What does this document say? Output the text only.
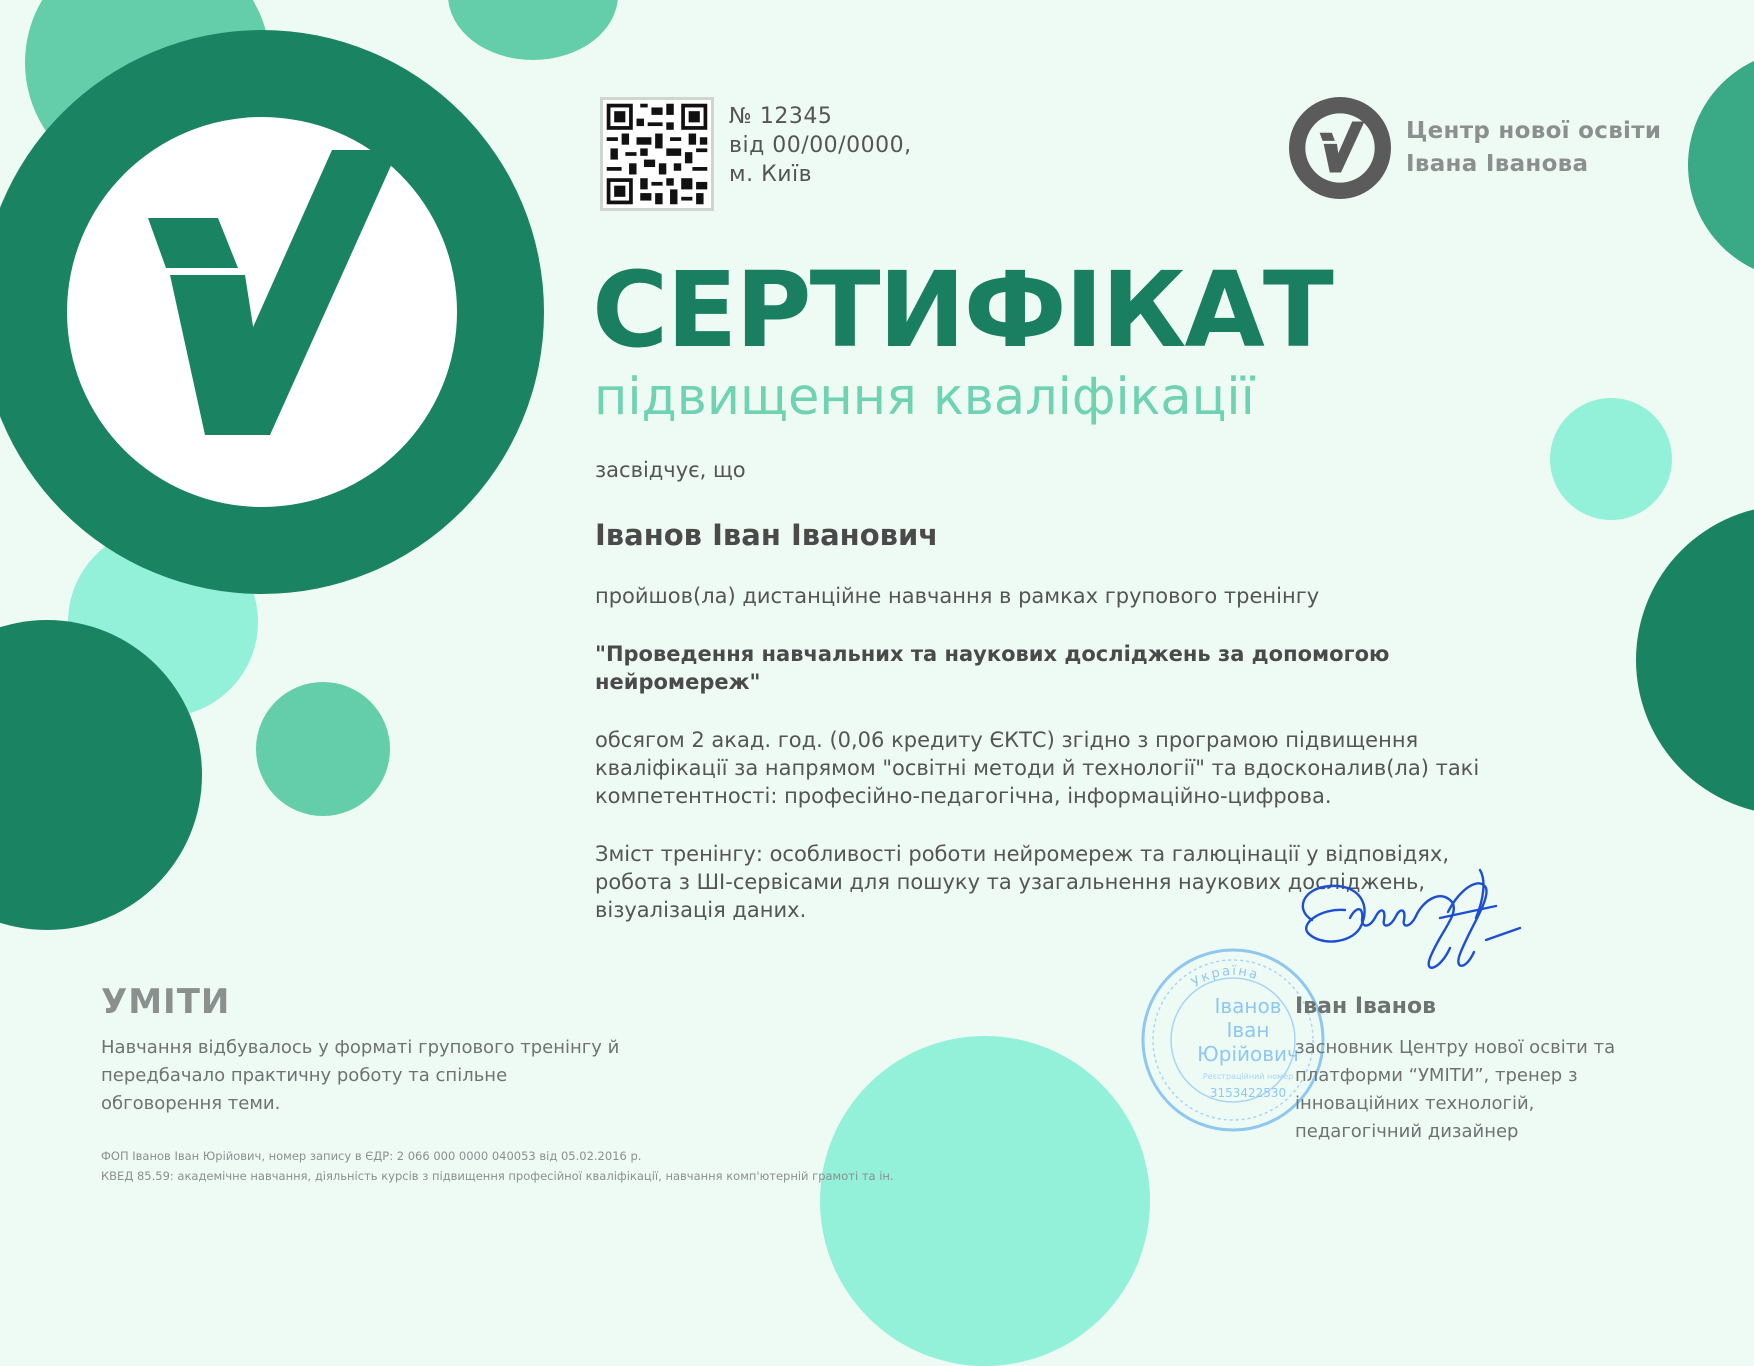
№ 12345
від 00/00/0000,
м. Київ
Центр нової освіти
Івана Іванова
СЕРТИФІКАТ
підвищення кваліфікації
засвідчує, що
Іванов Іван Іванович
пройшов(ла) дистанційне навчання в рамках групового тренінгу
"Проведення навчальних та наукових досліджень за допомогою нейромереж"
обсягом 2 акад. год. (0,06 кредиту ЄКТС) згідно з програмою підвищення кваліфікації за напрямом "освітні методи й технології" та вдосконалив(ла) такі компетентності: професійно-педагогічна, інформаційно-цифрова.
Зміст тренінгу: особливості роботи нейромереж та галюцінації у відповідях, робота з ШІ-сервісами для пошуку та узагальнення наукових досліджень, візуалізація даних.
УМІТИ
Навчання відбувалось у форматі групового тренінгу й передбачало практичну роботу та спільне обговорення теми.
ФОП Іванов Іван Юрійович, номер запису в ЄДР: 2 066 000 0000 040053 від 05.02.2016 р.
КВЕД 85.59: академічне навчання, діяльність курсів з підвищення професійної кваліфікації, навчання комп'ютерній грамоті та ін.
Україна
Іванов
Іван
Юрійович
Реєстраційний номер
3153422530
Іван Іванов
засновник Центру нової освіти та платформи “УМІТИ”, тренер з інноваційних технологій, педагогічний дизайнер
